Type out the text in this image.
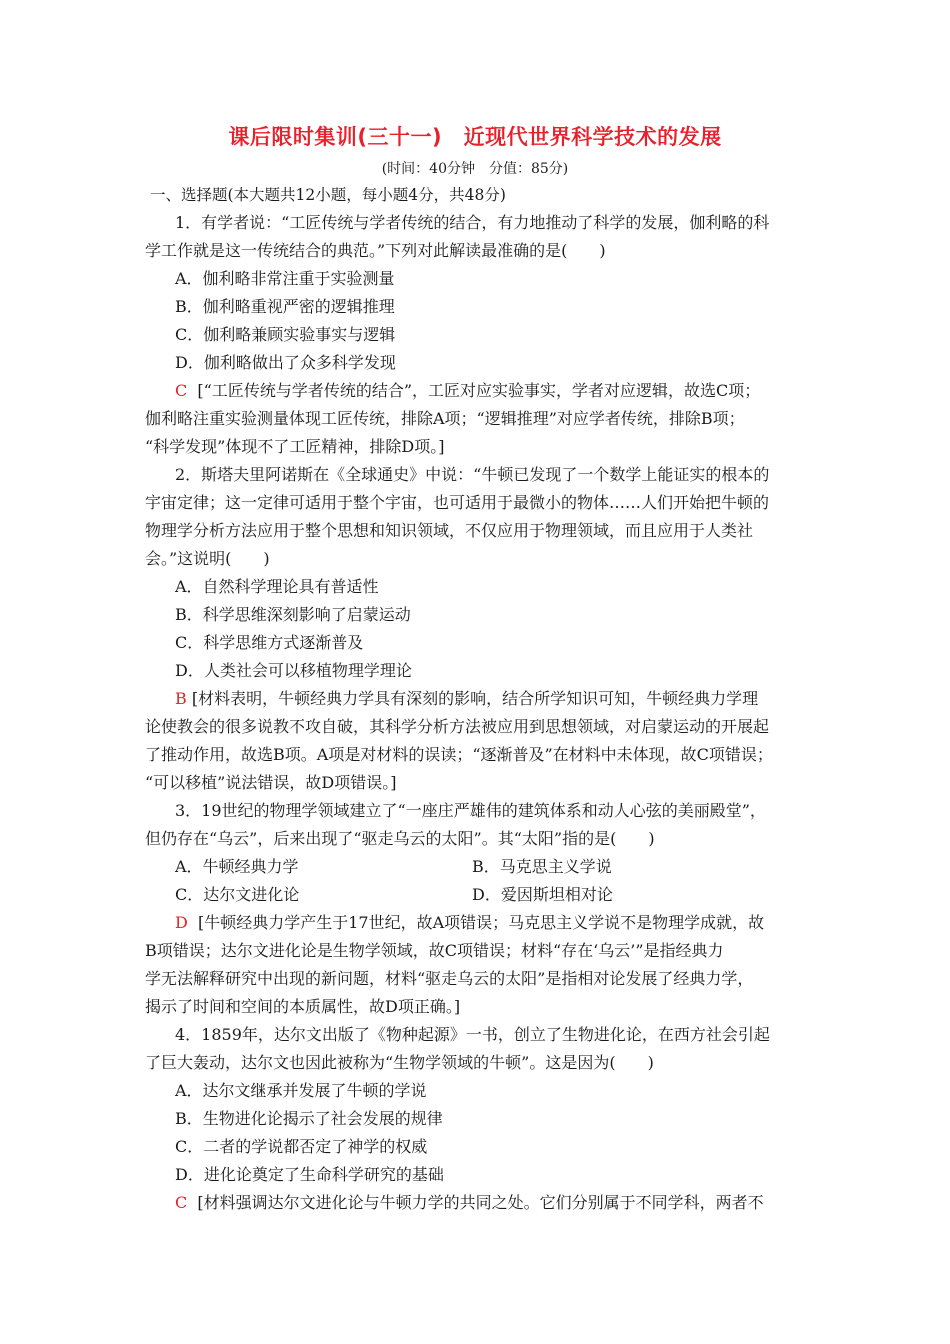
课后限时集训(三十一)　近现代世界科学技术的发展
(时间：40分钟　分值：85分)
一、选择题(本大题共12小题，每小题4分，共48分)
1．有学者说：“工匠传统与学者传统的结合，有力地推动了科学的发展，伽利略的科
学工作就是这一传统结合的典范。”下列对此解读最准确的是(　　)
A．伽利略非常注重于实验测量
B．伽利略重视严密的逻辑推理
C．伽利略兼顾实验事实与逻辑
D．伽利略做出了众多科学发现
C [“工匠传统与学者传统的结合”，工匠对应实验事实，学者对应逻辑，故选C项；
伽利略注重实验测量体现工匠传统，排除A项；“逻辑推理”对应学者传统，排除B项；
“科学发现”体现不了工匠精神，排除D项。]
2．斯塔夫里阿诺斯在《全球通史》中说：“牛顿已发现了一个数学上能证实的根本的
宇宙定律；这一定律可适用于整个宇宙，也可适用于最微小的物体……人们开始把牛顿的
物理学分析方法应用于整个思想和知识领域，不仅应用于物理领域，而且应用于人类社
会。”这说明(　　)
A．自然科学理论具有普适性
B．科学思维深刻影响了启蒙运动
C．科学思维方式逐渐普及
D．人类社会可以移植物理学理论
B [材料表明，牛顿经典力学具有深刻的影响，结合所学知识可知，牛顿经典力学理
论使教会的很多说教不攻自破，其科学分析方法被应用到思想领域，对启蒙运动的开展起
了推动作用，故选B项。A项是对材料的误读；“逐渐普及”在材料中未体现，故C项错误；
“可以移植”说法错误，故D项错误。]
3．19世纪的物理学领域建立了“一座庄严雄伟的建筑体系和动人心弦的美丽殿堂”，
但仍存在“乌云”，后来出现了“驱走乌云的太阳”。其“太阳”指的是(　　)
A．牛顿经典力学	B．马克思主义学说
C．达尔文进化论	D．爱因斯坦相对论
D [牛顿经典力学产生于17世纪，故A项错误；马克思主义学说不是物理学成就，故
B项错误；达尔文进化论是生物学领域，故C项错误；材料“存在‘乌云’”是指经典力
学无法解释研究中出现的新问题，材料“驱走乌云的太阳”是指相对论发展了经典力学，
揭示了时间和空间的本质属性，故D项正确。]
4．1859年，达尔文出版了《物种起源》一书，创立了生物进化论，在西方社会引起
了巨大轰动，达尔文也因此被称为“生物学领域的牛顿”。这是因为(　　)
A．达尔文继承并发展了牛顿的学说
B．生物进化论揭示了社会发展的规律
C．二者的学说都否定了神学的权威
D．进化论奠定了生命科学研究的基础
C [材料强调达尔文进化论与牛顿力学的共同之处。它们分别属于不同学科，两者不
